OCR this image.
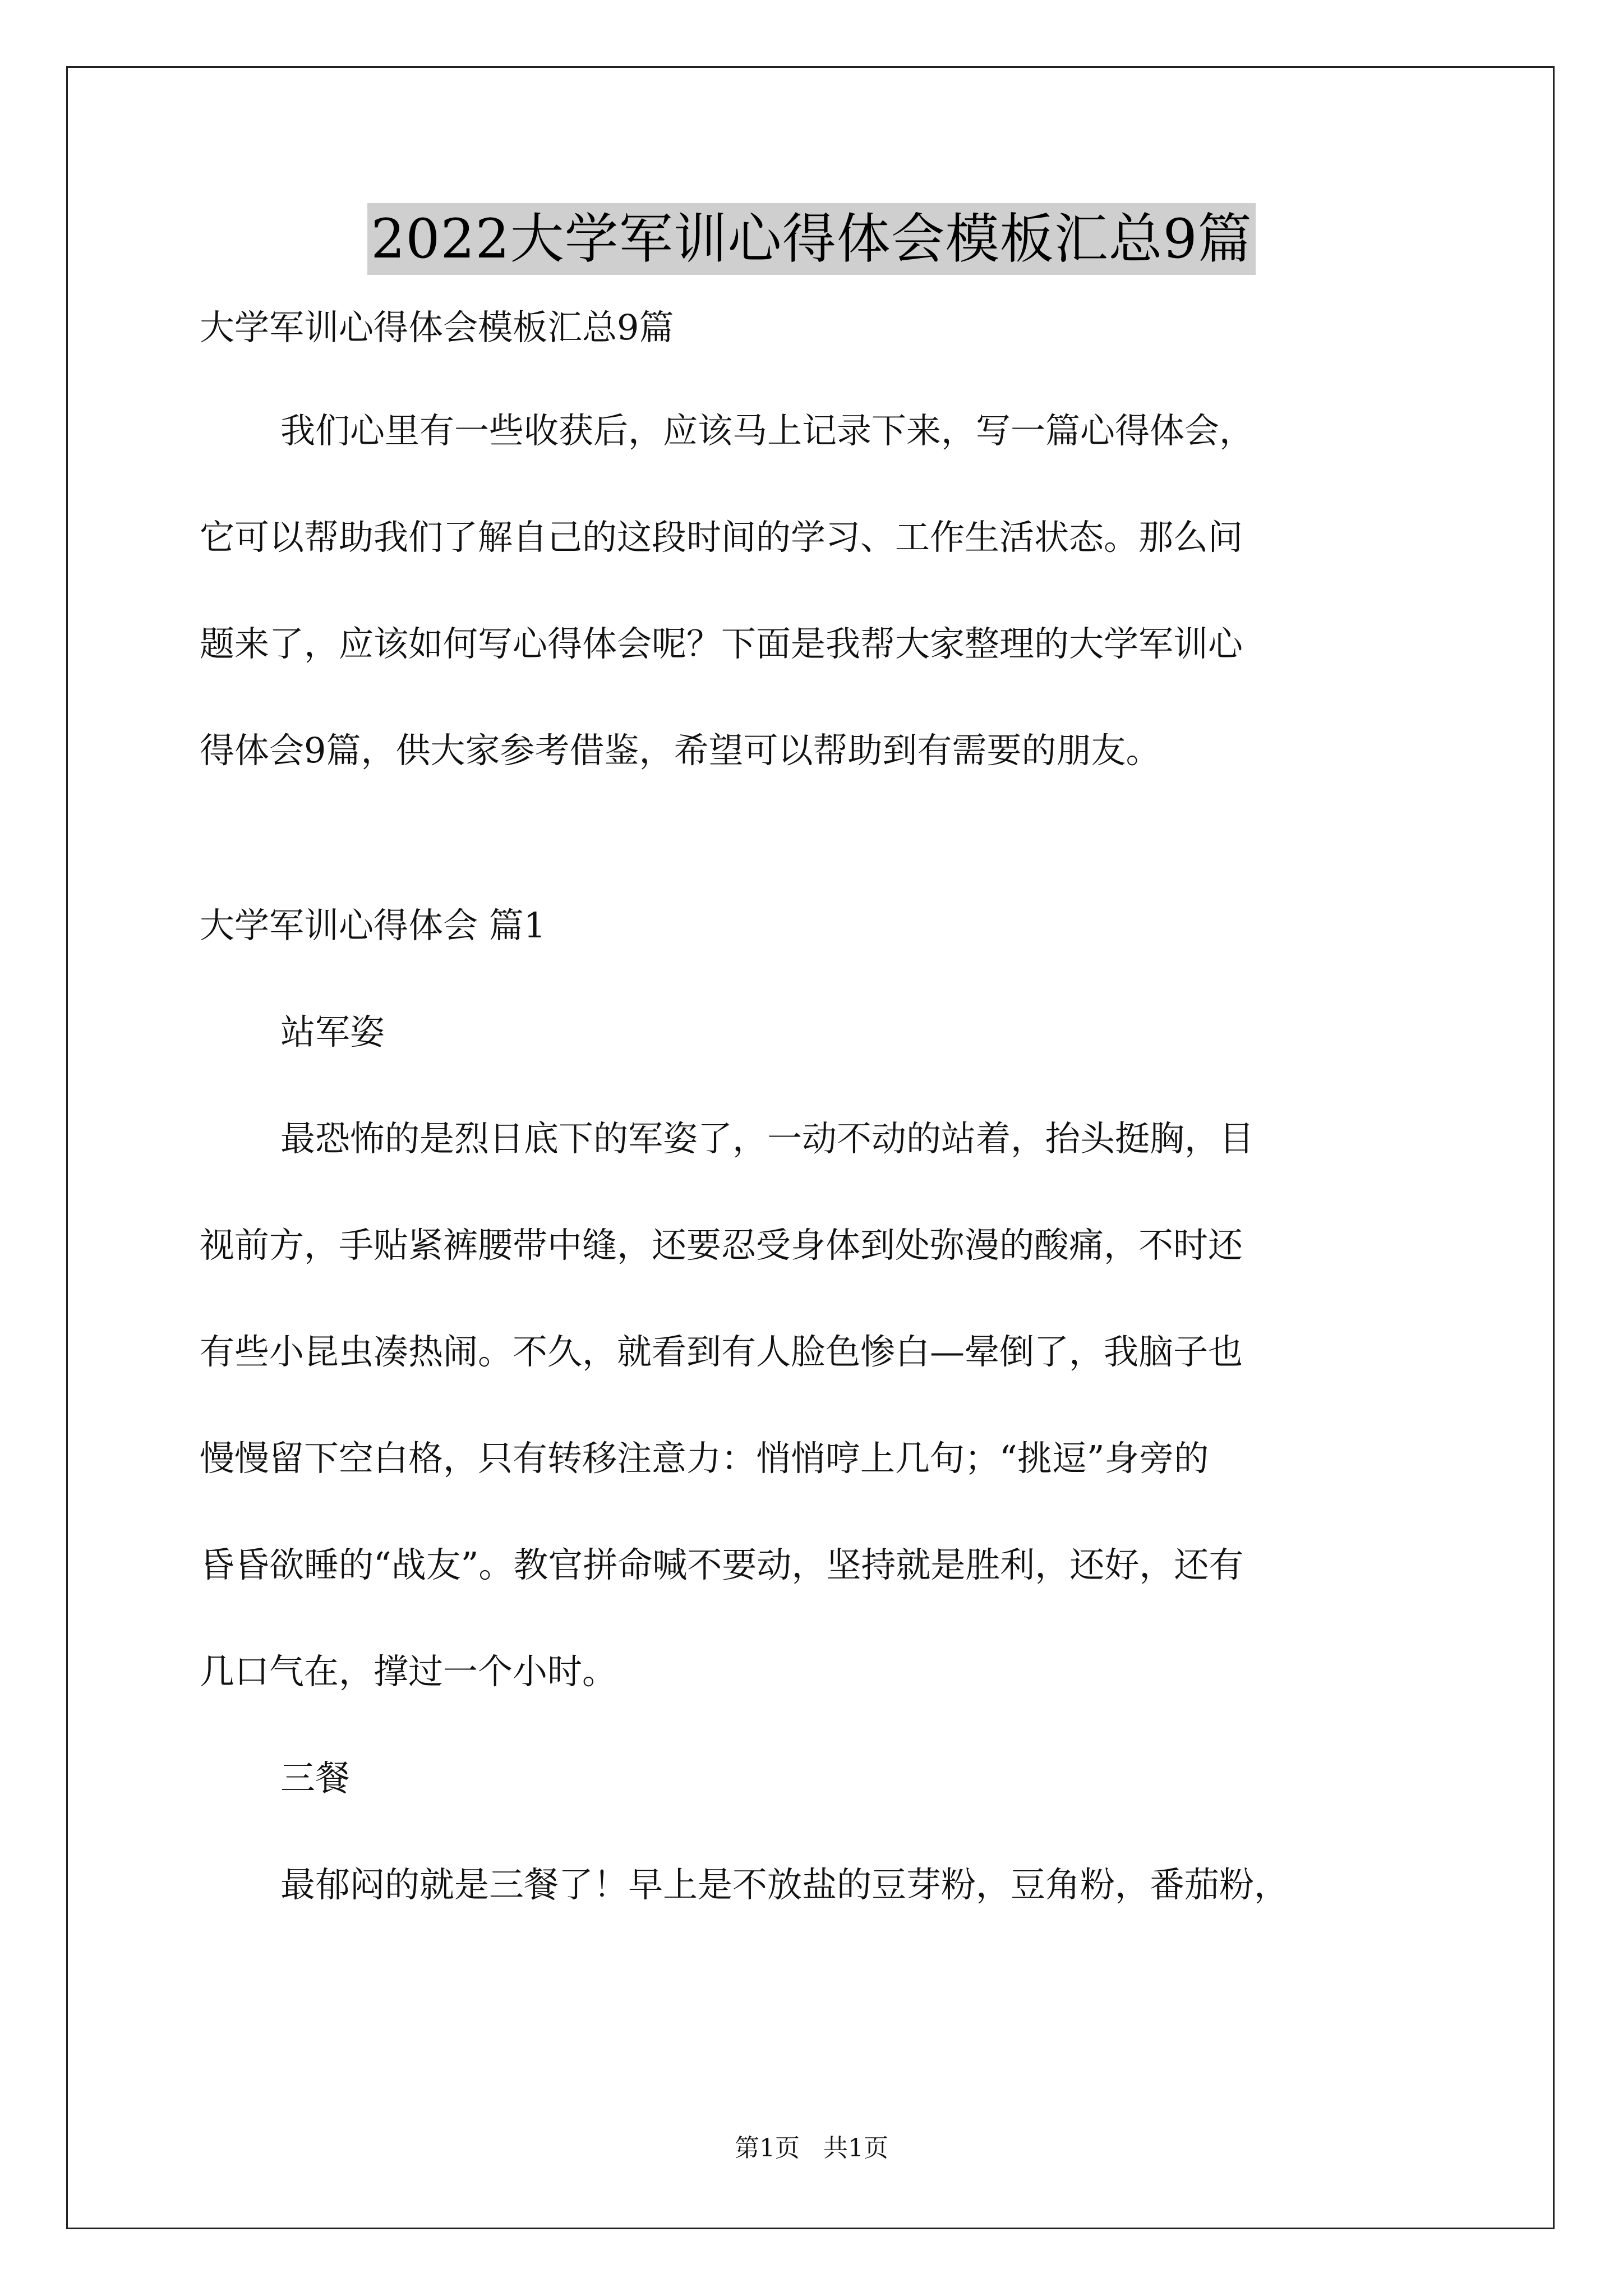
2022大学军训心得体会模板汇总9篇
大学军训心得体会模板汇总9篇
我们心里有一些收获后，应该马上记录下来，写一篇心得体会，
它可以帮助我们了解自己的这段时间的学习、工作生活状态。那么问
题来了，应该如何写心得体会呢？下面是我帮大家整理的大学军训心
得体会9篇，供大家参考借鉴，希望可以帮助到有需要的朋友。
大学军训心得体会 篇1
站军姿
最恐怖的是烈日底下的军姿了，一动不动的站着，抬头挺胸，目
视前方，手贴紧裤腰带中缝，还要忍受身体到处弥漫的酸痛，不时还
有些小昆虫凑热闹。不久，就看到有人脸色惨白—晕倒了，我脑子也
慢慢留下空白格，只有转移注意力：悄悄哼上几句；“挑逗”身旁的
昏昏欲睡的“战友”。教官拼命喊不要动，坚持就是胜利，还好，还有
几口气在，撑过一个小时。
三餐
最郁闷的就是三餐了！早上是不放盐的豆芽粉，豆角粉，番茄粉，
第1页 共1页
